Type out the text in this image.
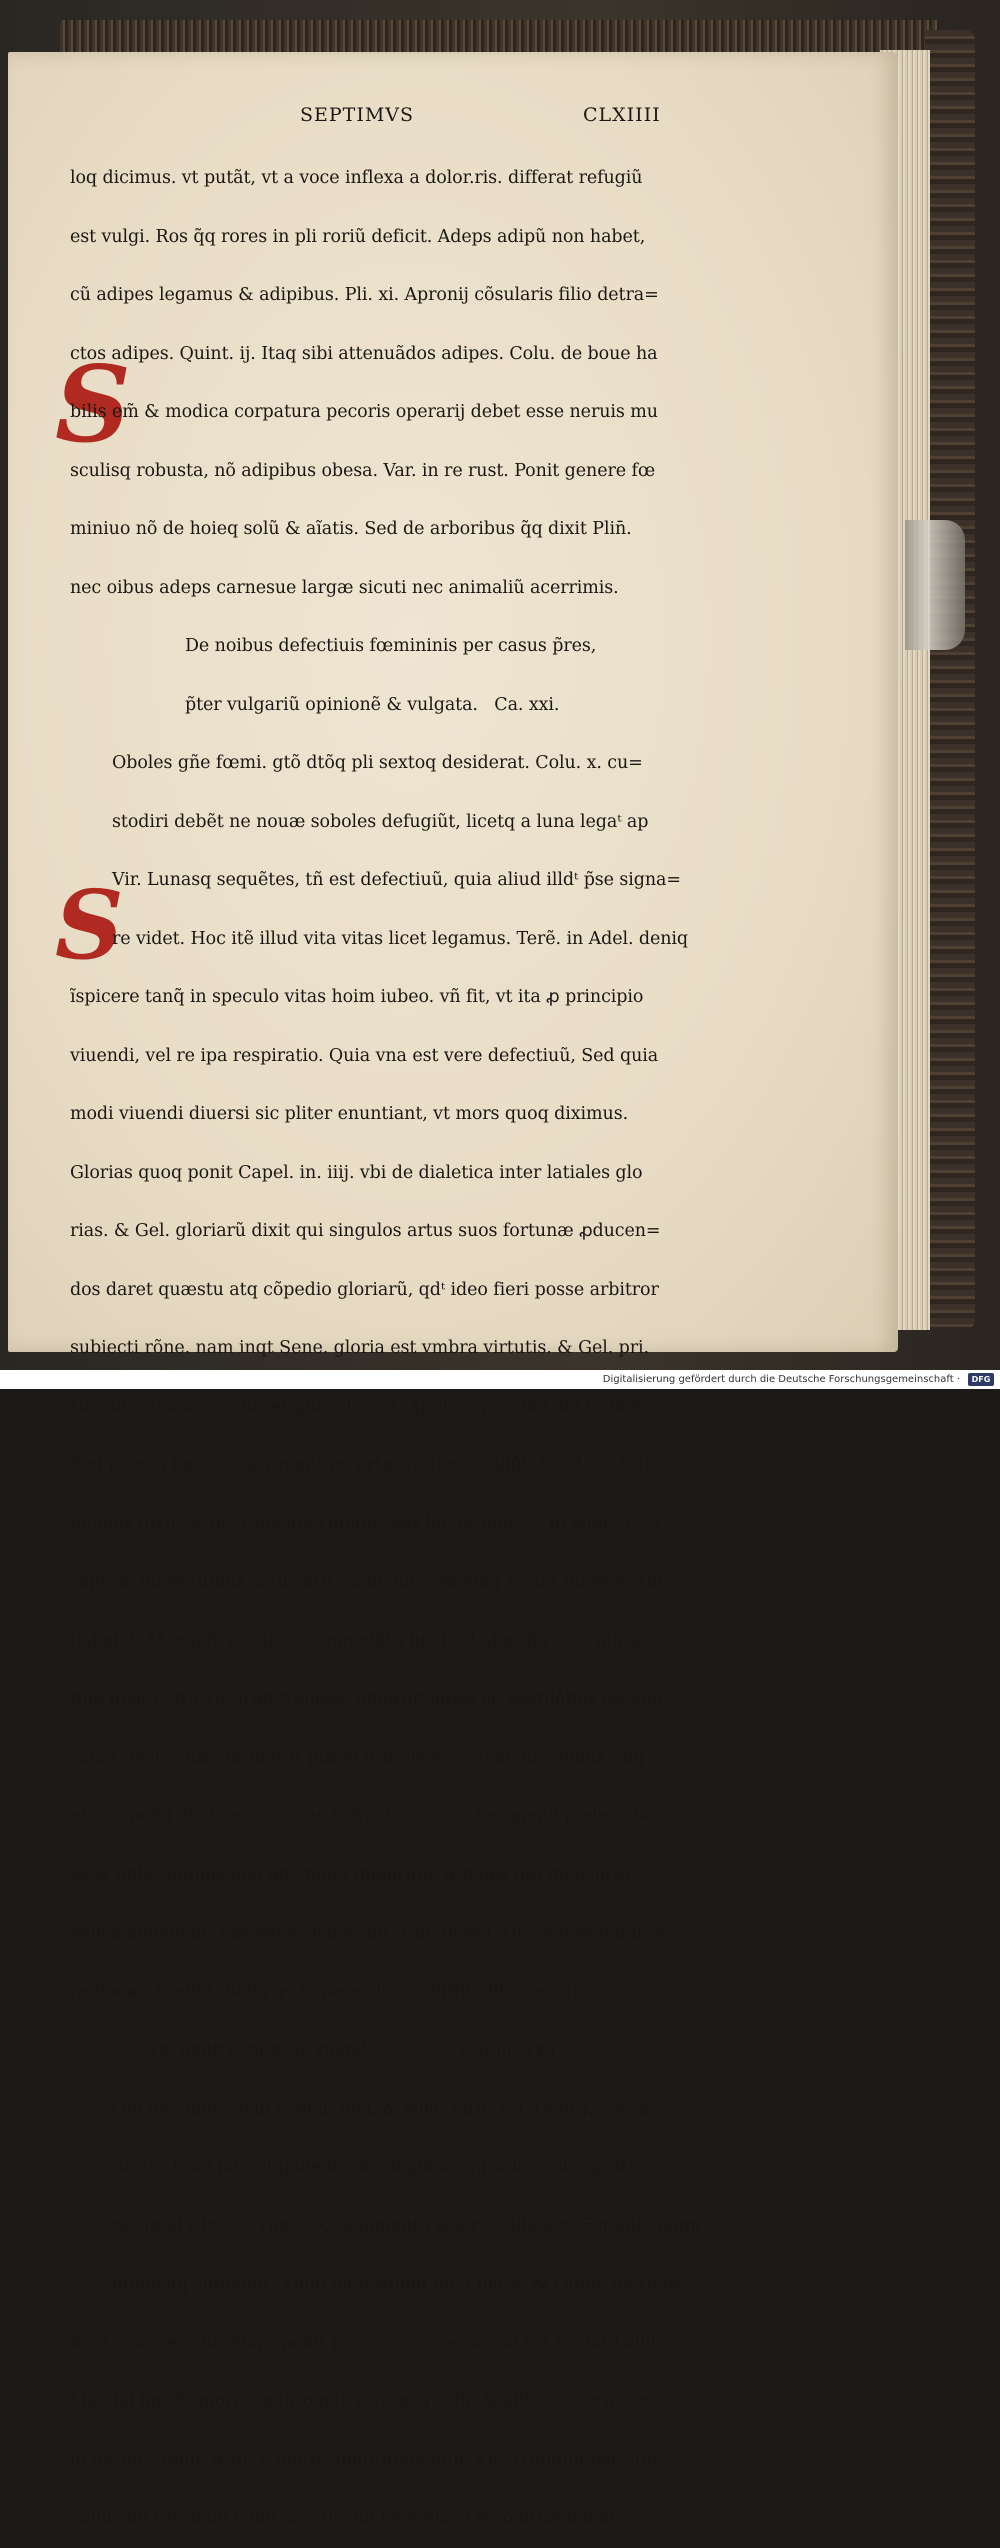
SEPTIMVS	CLXIIII
S
S

loq dicimus. vt putãt, vt a voce inflexa a dolor.ris. differat refugiũ

est vulgi. Ros q̃q rores in pl̃i roriũ deficit. Adeps adipũ non habet,

cũ adipes legamus & adipibus. Pli. xi. Apronij cõsularis filio detra=

ctos adipes. Quint. ij. Itaq sibi attenuãdos adipes. Colu. de boue ha

bilis em̃ & modica corpatura pecoris operarij debet esse neruis mu

sculisq robusta, nõ adipibus obesa. Var. in re rust. Ponit genere fœ

miniuo nõ de hoieq solũ & aĩatis. Sed de arboribus q̃q dixit Plin̄.

nec oibus adeps carnesue largæ sicuti nec animaliũ acerrimis.

De noibus defectiuis fœmininis per casus p̃res,

p̃ter vulgariũ opinionẽ & vulgata.   Ca. xxi.

Oboles gñe fœmi. gtõ dtõq pl̃i sextoq desiderat. Colu. x. cu=

stodiri debẽt ne nouæ soboles defugiũt, licetq a luna legaᵗ ap

Vir. Lunasq sequẽtes, tñ est defectiuũ, quia aliud illdᵗ p̃se signa=

re videt. Hoc itẽ illud vita vitas licet legamus. Terẽ. in Adel. deniq

ĩspicere tanq̃ in speculo vitas hoim iubeo. vñ fit, vt ita ꝓ principio

viuendi, vel re ipa respiratio. Quia vna est vere defectiuũ, Sed quia

modi viuendi diuersi sic pl̃iter enuntiant, vt mors quoq diximus.

Glorias quoq ponit Capel. in. iiij. vbi de dialetica inter latiales glo

rias. & Gel. gloriarũ dixit qui singulos artus suos fortunæ ꝓducen=

dos daret quæstu atq cõpedio gloriarũ, qdᵗ ideo fieri posse arbitror

subiecti rõne. nam inqt Sene. gloria est vmbra virtutis. & Gel. pri.

Has illas inanes cũ flaret glĩas. Luces. Apule. in cosmo. de Cometis.

Sed plerũq luces istæ repentino ortæ statim occidũt. Ouid. vi. fast.

lucibus dixit. Aspicit instãtes medijs sex lucibꝰ idus. & in eodẽ. Post

septem luces Iunius actus erit. & in. iiij. Sex vbiq restãt luces Aprilis

habebit. Martiañ. nutãti cũ somnolẽtũ lucibꝰ. Labes q̃q Gel. plura

tiue dixit cõtra vitiorũq fraudes, aniorũq labes ac pestilẽtias asseue

rabat. Vehes fœ. desiderat gtñ et dtñ p̃lem. Col. de hoc pinus qnq

et. xx. pedũ dicit vehis vlmus & fraxinus. xxx. Sexagenũ pedes abi

es & ppl̃s singulis opa ad vnguẽ quadrant, atq oẽs hæ mensuræ

vehes appellant. Pax paces habet pl̃i. Hor. in epi. Hoc paces habue=

re bonæ. & alibi. Bella qs & paces longũ diffundit in æuum.

De neutris præter vulgata.              Caput. xxij.

Olũ declinat. sicut ordeũ, mel, & silia. Virg. pri. Georg. Ne sa=

turare fimo pingui pudeat sola. legimus q̃q solorũ alia ꝑcatio

ne apud Cice. v. Tuscu. Calciamentũ solorũ callũ est. Est aũt solum

quodcũq supponit. Vnde naui solum dicit mare. & Ouidi. astra te=

nent cęleste solũ. Aliqñ ponit pro corio. & eo sensu est verbũ Tullij

Martial q̃q. Et mordere luto putre vetusq solũ. & alibi. pictorũ so=

la basiata regũ. Altũ. i. mare simil̃r defectiuũ. Vir. Tranqlla per alta.

collũ sil̃e est, nam collo & collis nõ Legimus. Os ꝫo oribꝰ habet

Digitalisierung gefördert durch die Deutsche Forschungsgemeinschaft ·	DFG
